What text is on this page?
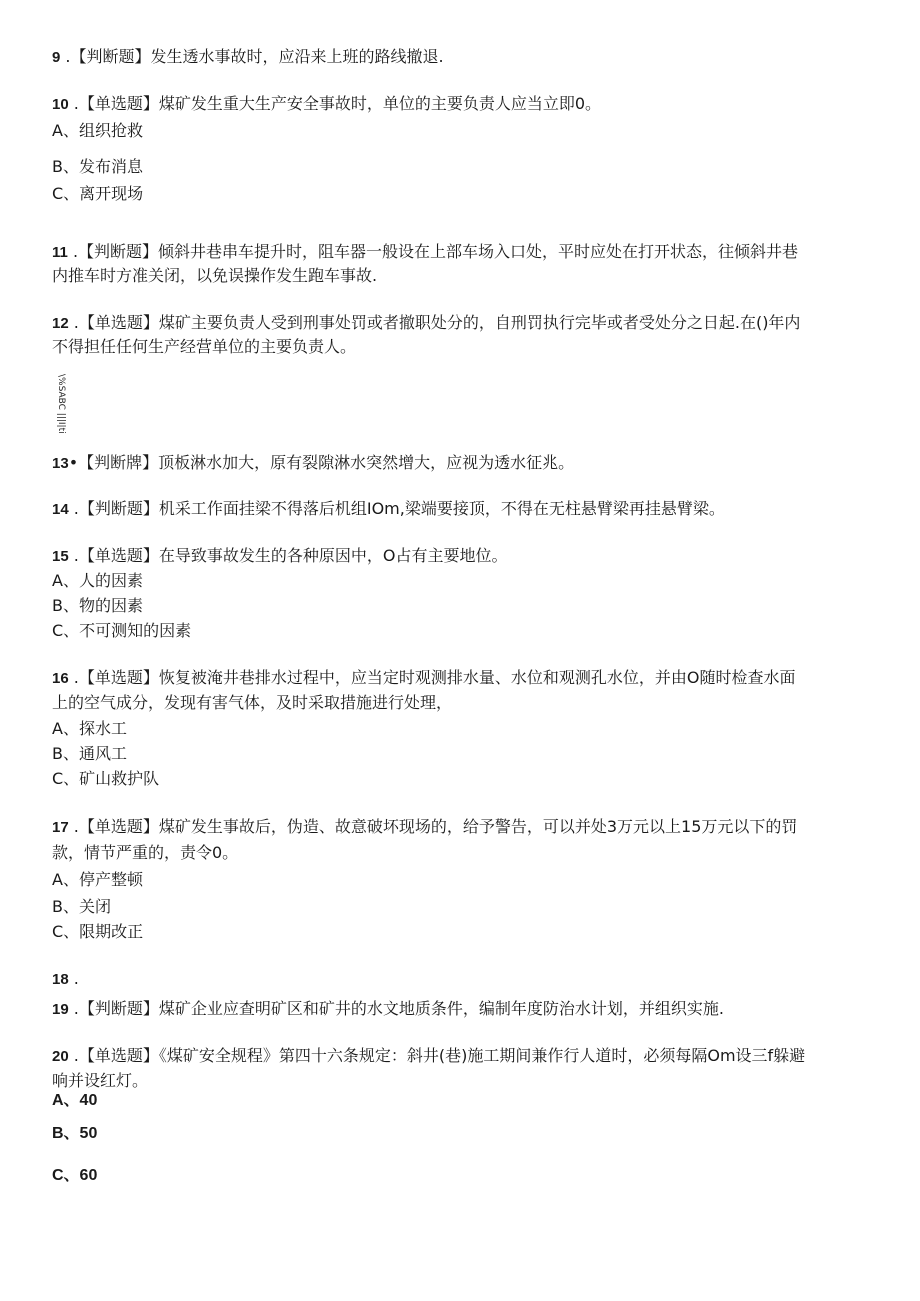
9 .【判断题】发生透水事故时，应沿来上班的路线撤退.
10 .【单选题】煤矿发生重大生产安全事故时，单位的主要负责人应当立即0。
A、组织抢救
B、发布消息
C、离开现场
11 .【判断题】倾斜井巷串车提升时，阻车器一般设在上部车场入口处，平时应处在打开状态，往倾斜井巷
内推车时方准关闭，以免误操作发生跑车事故.
12 .【单选题】煤矿主要负责人受到刑事处罚或者撤职处分的，自刑罚执行完毕或者受处分之日起.在()年内
不得担任任何生产经营单位的主要负责人。
\%SABC |||I|ti
13•【判断牌】顶板淋水加大，原有裂隙淋水突然增大，应视为透水征兆。
14 .【判断题】机采工作面挂梁不得落后机组IOm,梁端要接顶，不得在无柱悬臂梁再挂悬臂梁。
15 .【单选题】在导致事故发生的各种原因中，O占有主要地位。
A、人的因素
B、物的因素
C、不可测知的因素
16 .【单选题】恢复被淹井巷排水过程中，应当定时观测排水量、水位和观测孔水位，并由O随时检查水面
上的空气成分，发现有害气体，及时采取措施进行处理，
A、探水工
B、通风工
C、矿山救护队
17 .【单选题】煤矿发生事故后，伪造、故意破坏现场的，给予警告，可以并处3万元以上15万元以下的罚
款，情节严重的，责令0。
A、停产整顿
B、关闭
C、限期改正
18 .
19 .【判断题】煤矿企业应查明矿区和矿井的水文地质条件，编制年度防治水计划，并组织实施.
20 .【单选题】《煤矿安全规程》第四十六条规定：斜井(巷)施工期间兼作行人道时，必须每隔Om设三f躲避
响并设红灯。
A、40
B、50
C、60
